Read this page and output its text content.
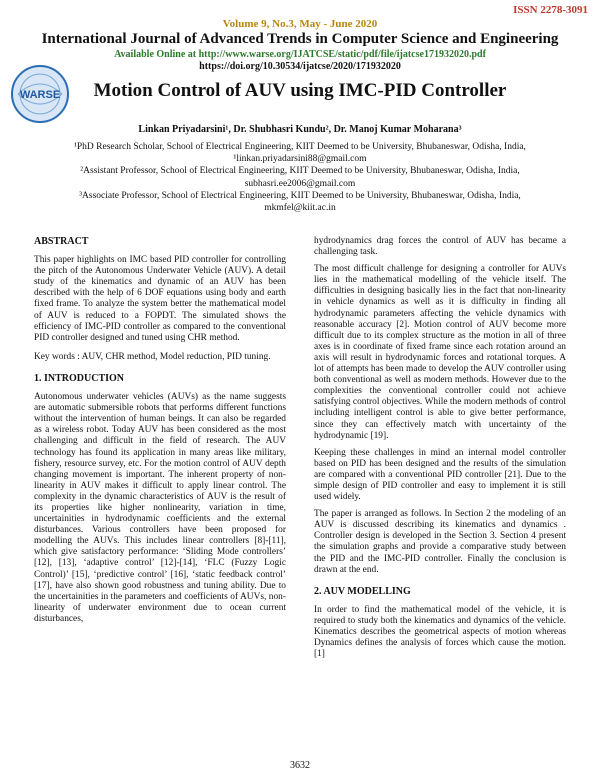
ISSN 2278-3091
Volume 9, No.3, May - June 2020
International Journal of Advanced Trends in Computer Science and Engineering
Available Online at http://www.warse.org/IJATCSE/static/pdf/file/ijatcse171932020.pdf
https://doi.org/10.30534/ijatcse/2020/171932020
WARSE	Motion Control of AUV using IMC-PID Controller
Linkan Priyadarsini¹, Dr. Shubhasri Kundu², Dr. Manoj Kumar Moharana³
¹PhD Research Scholar, School of Electrical Engineering, KIIT Deemed to be University, Bhubaneswar, Odisha, India, ¹linkan.priyadarsini88@gmail.com
²Assistant Professor, School of Electrical Engineering, KIIT Deemed to be University, Bhubaneswar, Odisha, India, subhasri.ee2006@gmail.com
³Associate Professor, School of Electrical Engineering, KIIT Deemed to be University, Bhubaneswar, Odisha, India, mkmfel@kiit.ac.in
ABSTRACT

This paper highlights on IMC based PID controller for controlling the pitch of the Autonomous Underwater Vehicle (AUV). A detail study of the kinematics and dynamic of an AUV has been described with the help of 6 DOF equations using body and earth fixed frame. To analyze the system better the mathematical model of AUV is reduced to a FOPDT. The simulated shows the efficiency of IMC-PID controller as compared to the conventional PID controller designed and tuned using CHR method.

Key words : AUV, CHR method, Model reduction, PID tuning.

1. INTRODUCTION

Autonomous underwater vehicles (AUVs) as the name suggests are automatic submersible robots that performs different functions without the intervention of human beings. It can also be regarded as a wireless robot. Today AUV has been considered as the most challenging and difficult in the field of research. The AUV technology has found its application in many areas like military, fishery, resource survey, etc. For the motion control of AUV depth changing movement is important. The inherent property of non-linearity in AUV makes it difficult to apply linear control. The complexity in the dynamic characteristics of AUV is the result of its properties like higher nonlinearity, variation in time, uncertainities in hydrodynamic coefficients and the external disturbances. Various controllers have been proposed for modelling the AUVs. This includes linear controllers [8]-[11], which give satisfactory performance: ‘Sliding Mode controllers’ [12], [13], ‘adaptive control’ [12]-[14], ‘FLC (Fuzzy Logic Control)’ [15], ‘predictive control’ [16], ‘static feedback control’ [17], have also shown good robustness and tuning ability. Due to the uncertainities in the parameters and coefficients of AUVs, non-linearity of underwater environment due to ocean current disturbances,

hydrodynamics drag forces the control of AUV has became a challenging task.

The most difficult challenge for designing a controller for AUVs lies in the mathematical modelling of the vehicle itself. The difficulties in designing basically lies in the fact that non-linearity in vehicle dynamics as well as it is difficulty in finding all hydrodynamic parameters affecting the vehicle dynamics with reasonable accuracy [2]. Motion control of AUV become more difficult due to its complex structure as the motion in all of three axes is in coordinate of fixed frame since each rotation around an axis will result in hydrodynamic forces and rotational torques. A lot of attempts has been made to develop the AUV controller using both conventional as well as modern methods. However due to the complexities the conventional controller could not achieve satisfying control objectives. While the modern methods of control including intelligent control is able to give better performance, since they can effectively match with uncertainty of the hydrodynamic [19].

Keeping these challenges in mind an internal model controller based on PID has been designed and the results of the simulation are compared with a conventional PID controller [21]. Due to the simple design of PID controller and easy to implement it is still used widely.

The paper is arranged as follows. In Section 2 the modeling of an AUV is discussed describing its kinematics and dynamics . Controller design is developed in the Section 3. Section 4 present the simulation graphs and provide a comparative study between the PID and the IMC-PID controller. Finally the conclusion is drawn at the end.

2. AUV MODELLING

In order to find the mathematical model of the vehicle, it is required to study both the kinematics and dynamics of the vehicle. Kinematics describes the geometrical aspects of motion whereas Dynamics defines the analysis of forces which cause the motion. [1]

3632
